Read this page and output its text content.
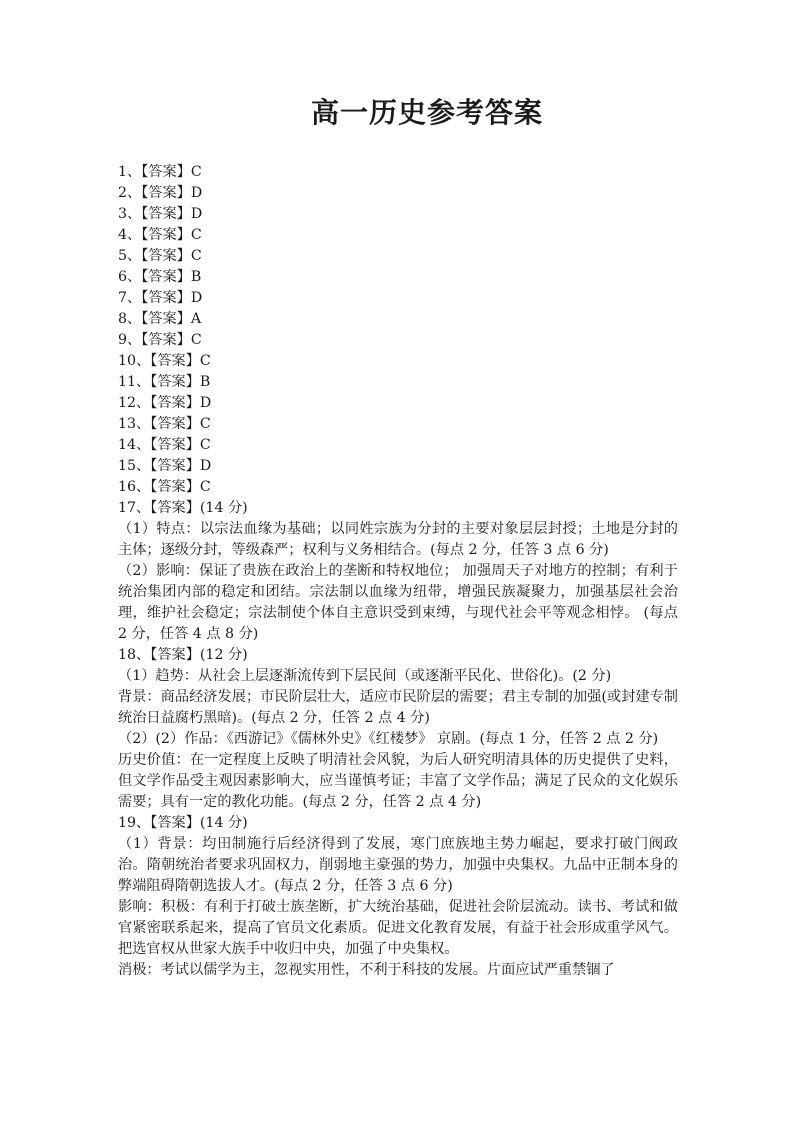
高一历史参考答案
1、【答案】C
2、【答案】D
3、【答案】D
4、【答案】C
5、【答案】C
6、【答案】B
7、【答案】D
8、【答案】A
9、【答案】C
10、【答案】C
11、【答案】B
12、【答案】D
13、【答案】C
14、【答案】C
15、【答案】D
16、【答案】C
17、【答案】(14 分)
（1）特点：以宗法血缘为基础；以同姓宗族为分封的主要对象层层封授；土地是分封的主体；逐级分封，等级森严；权利与义务相结合。(每点 2 分，任答 3 点 6 分)
（2）影响：保证了贵族在政治上的垄断和特权地位； 加强周天子对地方的控制；有利于统治集团内部的稳定和团结。宗法制以血缘为纽带，增强民族凝聚力，加强基层社会治理，维护社会稳定；宗法制使个体自主意识受到束缚，与现代社会平等观念相悖。 (每点 2 分，任答 4 点 8 分)
18、【答案】(12 分)
（1）趋势：从社会上层逐渐流传到下层民间（或逐渐平民化、世俗化)。(2 分)
背景：商品经济发展；市民阶层壮大，适应市民阶层的需要；君主专制的加强(或封建专制统治日益腐朽黑暗)。(每点 2 分，任答 2 点 4 分)
（2）(2）作品：《西游记》《儒林外史》《红楼梦》 京剧。(每点 1 分，任答 2 点 2 分)
历史价值：在一定程度上反映了明清社会风貌，为后人研究明清具体的历史提供了史料，但文学作品受主观因素影响大，应当谨慎考证；丰富了文学作品；满足了民众的文化娱乐需要；具有一定的教化功能。(每点 2 分，任答 2 点 4 分)
19、【答案】(14 分)
（1）背景：均田制施行后经济得到了发展，寒门庶族地主势力崛起，要求打破门阀政治。隋朝统治者要求巩固权力，削弱地主豪强的势力，加强中央集权。九品中正制本身的弊端阻碍隋朝选拔人才。(每点 2 分，任答 3 点 6 分)
影响：积极：有利于打破士族垄断，扩大统治基础，促进社会阶层流动。读书、考试和做官紧密联系起来，提高了官员文化素质。促进文化教育发展，有益于社会形成重学风气。把选官权从世家大族手中收归中央，加强了中央集权。
消极：考试以儒学为主，忽视实用性，不利于科技的发展。片面应试严重禁锢了
